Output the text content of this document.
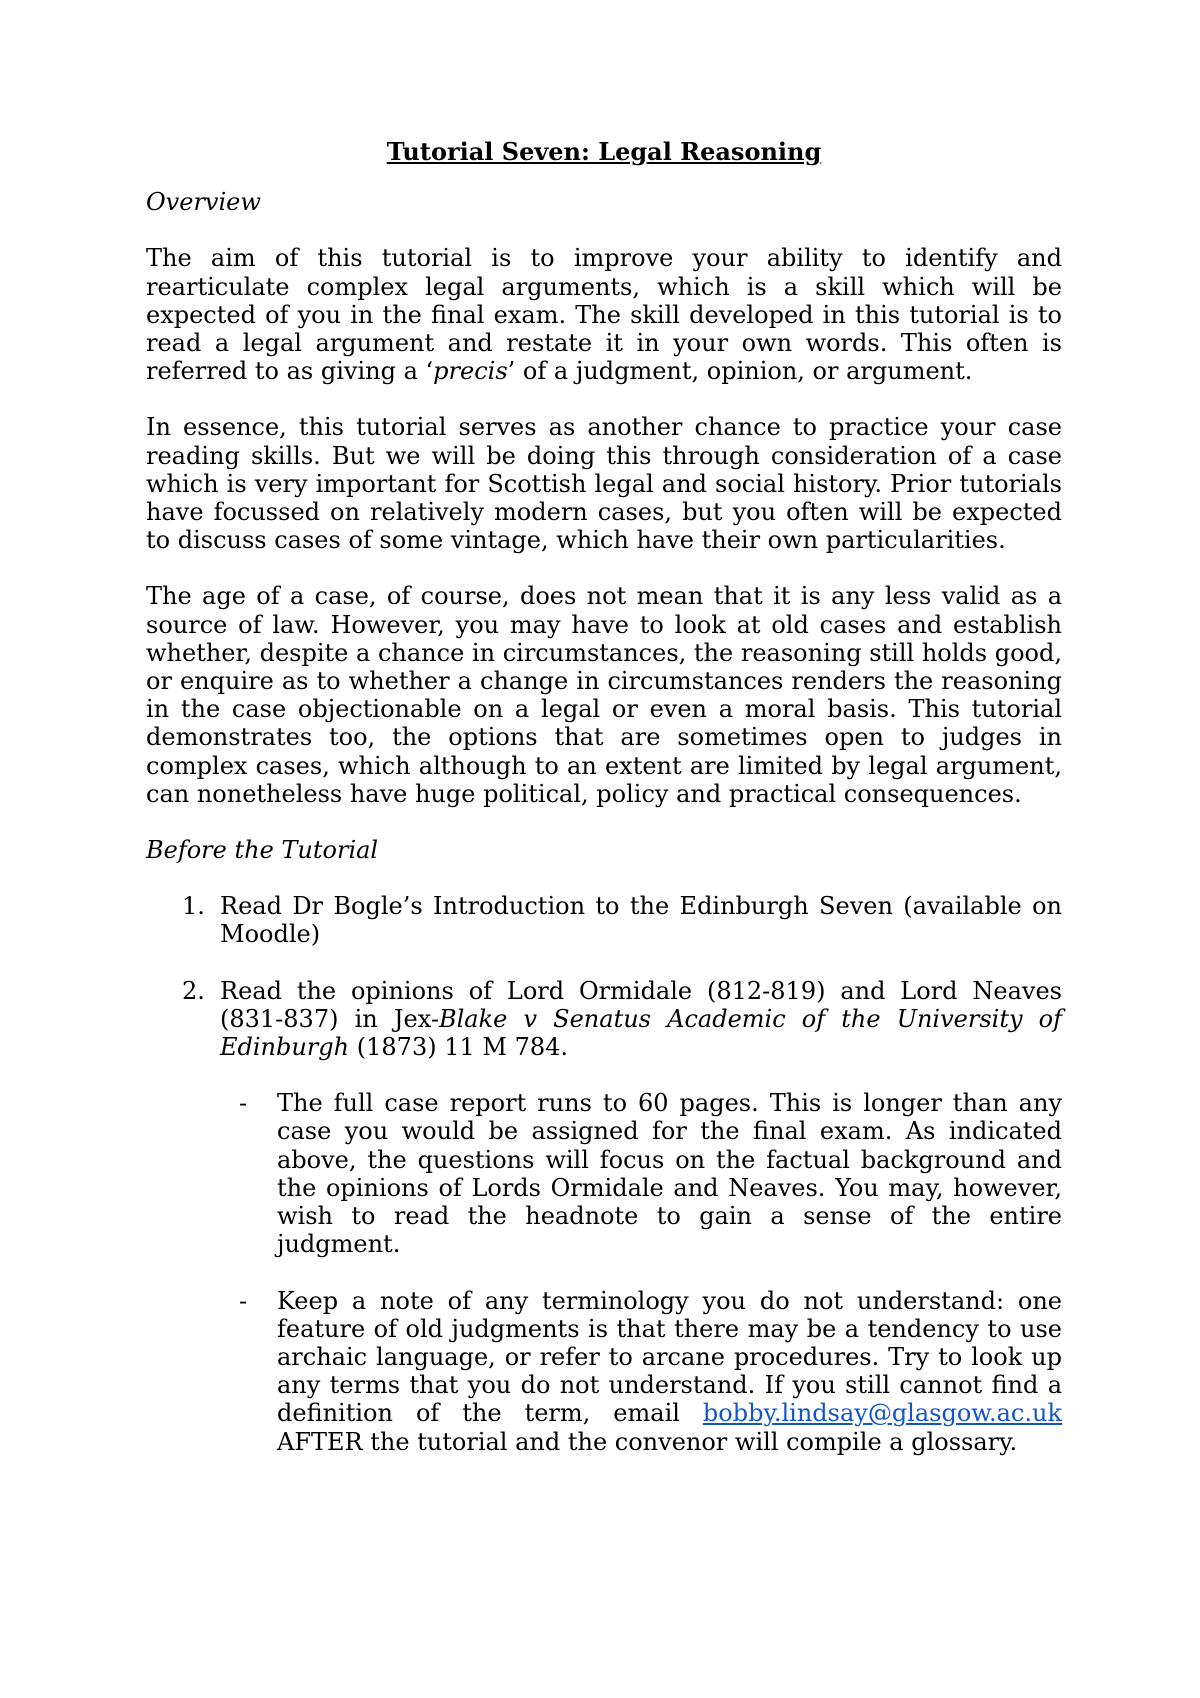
Tutorial Seven: Legal Reasoning
Overview
The aim of this tutorial is to improve your ability to identify and rearticulate complex legal arguments, which is a skill which will be expected of you in the final exam. The skill developed in this tutorial is to read a legal argument and restate it in your own words. This often is referred to as giving a ‘precis’ of a judgment, opinion, or argument.
In essence, this tutorial serves as another chance to practice your case reading skills. But we will be doing this through consideration of a case which is very important for Scottish legal and social history. Prior tutorials have focussed on relatively modern cases, but you often will be expected to discuss cases of some vintage, which have their own particularities.
The age of a case, of course, does not mean that it is any less valid as a source of law. However, you may have to look at old cases and establish whether, despite a chance in circumstances, the reasoning still holds good, or enquire as to whether a change in circumstances renders the reasoning in the case objectionable on a legal or even a moral basis. This tutorial demonstrates too, the options that are sometimes open to judges in complex cases, which although to an extent are limited by legal argument, can nonetheless have huge political, policy and practical consequences.
Before the Tutorial
1. Read Dr Bogle’s Introduction to the Edinburgh Seven (available on Moodle)
2. Read the opinions of Lord Ormidale (812-819) and Lord Neaves (831-837) in Jex-Blake v Senatus Academic of the University of Edinburgh (1873) 11 M 784.
- The full case report runs to 60 pages. This is longer than any case you would be assigned for the final exam. As indicated above, the questions will focus on the factual background and the opinions of Lords Ormidale and Neaves. You may, however, wish to read the headnote to gain a sense of the entire judgment.
- Keep a note of any terminology you do not understand: one feature of old judgments is that there may be a tendency to use archaic language, or refer to arcane procedures. Try to look up any terms that you do not understand. If you still cannot find a definition of the term, email bobby.lindsay@glasgow.ac.uk AFTER the tutorial and the convenor will compile a glossary.
